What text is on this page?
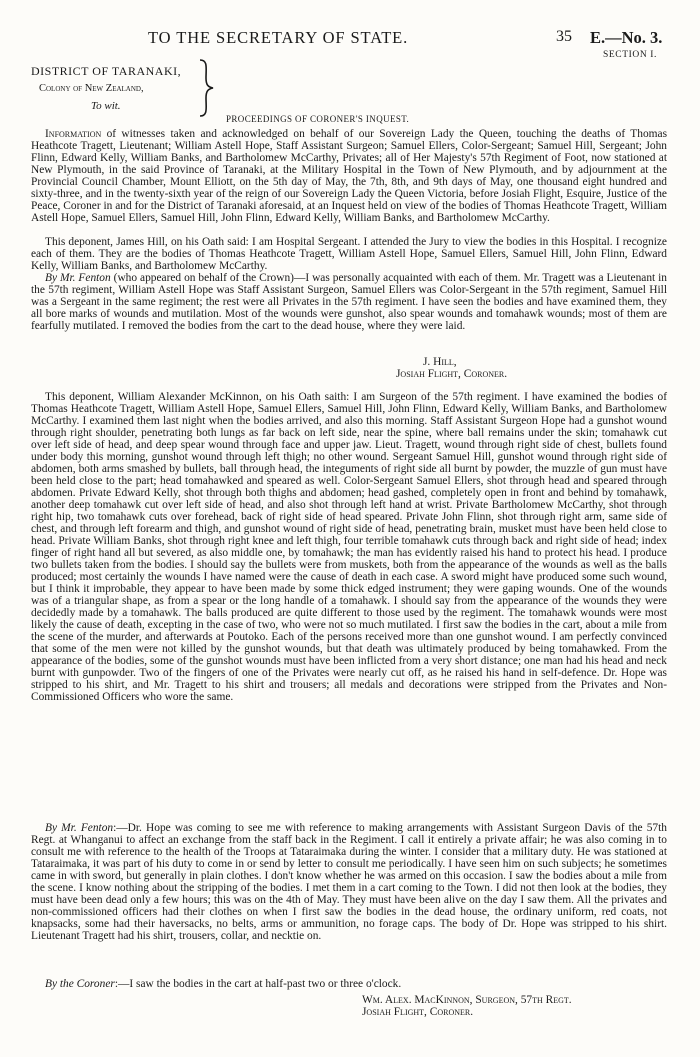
TO THE SECRETARY OF STATE.	35 E.—No. 3.
SECTION I.
DISTRICT OF TARANAKI,
Colony of New Zealand,
To wit.
PROCEEDINGS OF CORONER'S INQUEST.

Information of witnesses taken and acknowledged on behalf of our Sovereign Lady the Queen, touching the deaths of Thomas Heathcote Tragett, Lieutenant; William Astell Hope, Staff Assistant Surgeon; Samuel Ellers, Color-Sergeant; Samuel Hill, Sergeant; John Flinn, Edward Kelly, William Banks, and Bartholomew McCarthy, Privates; all of Her Majesty's 57th Regiment of Foot, now stationed at New Plymouth, in the said Province of Taranaki, at the Military Hospital in the Town of New Plymouth, and by adjournment at the Provincial Council Chamber, Mount Elliott, on the 5th day of May, the 7th, 8th, and 9th days of May, one thousand eight hundred and sixty-three, and in the twenty-sixth year of the reign of our Sovereign Lady the Queen Victoria, before Josiah Flight, Esquire, Justice of the Peace, Coroner in and for the District of Taranaki aforesaid, at an Inquest held on view of the bodies of Thomas Heathcote Tragett, William Astell Hope, Samuel Ellers, Samuel Hill, John Flinn, Edward Kelly, William Banks, and Bartholomew McCarthy.

This deponent, James Hill, on his Oath said: I am Hospital Sergeant. I attended the Jury to view the bodies in this Hospital. I recognize each of them. They are the bodies of Thomas Heathcote Tragett, William Astell Hope, Samuel Ellers, Samuel Hill, John Flinn, Edward Kelly, William Banks, and Bartholomew McCarthy.

By Mr. Fenton (who appeared on behalf of the Crown)—I was personally acquainted with each of them. Mr. Tragett was a Lieutenant in the 57th regiment, William Astell Hope was Staff Assistant Surgeon, Samuel Ellers was Color-Sergeant in the 57th regiment, Samuel Hill was a Sergeant in the same regiment; the rest were all Privates in the 57th regiment. I have seen the bodies and have examined them, they all bore marks of wounds and mutilation. Most of the wounds were gunshot, also spear wounds and tomahawk wounds; most of them are fearfully mutilated. I removed the bodies from the cart to the dead house, where they were laid.

J. Hill,
Josiah Flight, Coroner.

This deponent, William Alexander McKinnon, on his Oath saith: I am Surgeon of the 57th regiment. I have examined the bodies of Thomas Heathcote Tragett, William Astell Hope, Samuel Ellers, Samuel Hill, John Flinn, Edward Kelly, William Banks, and Bartholomew McCarthy. I examined them last night when the bodies arrived, and also this morning. Staff Assistant Surgeon Hope had a gunshot wound through right shoulder, penetrating both lungs as far back on left side, near the spine, where ball remains under the skin; tomahawk cut over left side of head, and deep spear wound through face and upper jaw. Lieut. Tragett, wound through right side of chest, bullets found under body this morning, gunshot wound through left thigh; no other wound. Sergeant Samuel Hill, gunshot wound through right side of abdomen, both arms smashed by bullets, ball through head, the integuments of right side all burnt by powder, the muzzle of gun must have been held close to the part; head tomahawked and speared as well. Color-Sergeant Samuel Ellers, shot through head and speared through abdomen. Private Edward Kelly, shot through both thighs and abdomen; head gashed, completely open in front and behind by tomahawk, another deep tomahawk cut over left side of head, and also shot through left hand at wrist. Private Bartholomew McCarthy, shot through right hip, two tomahawk cuts over forehead, back of right side of head speared. Private John Flinn, shot through right arm, same side of chest, and through left forearm and thigh, and gunshot wound of right side of head, penetrating brain, musket must have been held close to head. Private William Banks, shot through right knee and left thigh, four terrible tomahawk cuts through back and right side of head; index finger of right hand all but severed, as also middle one, by tomahawk; the man has evidently raised his hand to protect his head. I produce two bullets taken from the bodies. I should say the bullets were from muskets, both from the appearance of the wounds as well as the balls produced; most certainly the wounds I have named were the cause of death in each case. A sword might have produced some such wound, but I think it improbable, they appear to have been made by some thick edged instrument; they were gaping wounds. One of the wounds was of a triangular shape, as from a spear or the long handle of a tomahawk. I should say from the appearance of the wounds they were decidedly made by a tomahawk. The balls produced are quite different to those used by the regiment. The tomahawk wounds were most likely the cause of death, excepting in the case of two, who were not so much mutilated. I first saw the bodies in the cart, about a mile from the scene of the murder, and afterwards at Poutoko. Each of the persons received more than one gunshot wound. I am perfectly convinced that some of the men were not killed by the gunshot wounds, but that death was ultimately produced by being tomahawked. From the appearance of the bodies, some of the gunshot wounds must have been inflicted from a very short distance; one man had his head and neck burnt with gunpowder. Two of the fingers of one of the Privates were nearly cut off, as he raised his hand in self-defence. Dr. Hope was stripped to his shirt, and Mr. Tragett to his shirt and trousers; all medals and decorations were stripped from the Privates and Non-Commissioned Officers who wore the same.

By Mr. Fenton:—Dr. Hope was coming to see me with reference to making arrangements with Assistant Surgeon Davis of the 57th Regt. at Whanganui to affect an exchange from the staff back in the Regiment. I call it entirely a private affair; he was also coming in to consult me with reference to the health of the Troops at Tataraimaka during the winter. I consider that a military duty. He was stationed at Tataraimaka, it was part of his duty to come in or send by letter to consult me periodically. I have seen him on such subjects; he sometimes came in with sword, but generally in plain clothes. I don't know whether he was armed on this occasion. I saw the bodies about a mile from the scene. I know nothing about the stripping of the bodies. I met them in a cart coming to the Town. I did not then look at the bodies, they must have been dead only a few hours; this was on the 4th of May. They must have been alive on the day I saw them. All the privates and non-commissioned officers had their clothes on when I first saw the bodies in the dead house, the ordinary uniform, red coats, not knapsacks, some had their haversacks, no belts, arms or ammunition, no forage caps. The body of Dr. Hope was stripped to his shirt. Lieutenant Tragett had his shirt, trousers, collar, and necktie on.

By the Coroner:—I saw the bodies in the cart at half-past two or three o'clock.

Wm. Alex. MacKinnon, Surgeon, 57th Regt.
Josiah Flight, Coroner.
